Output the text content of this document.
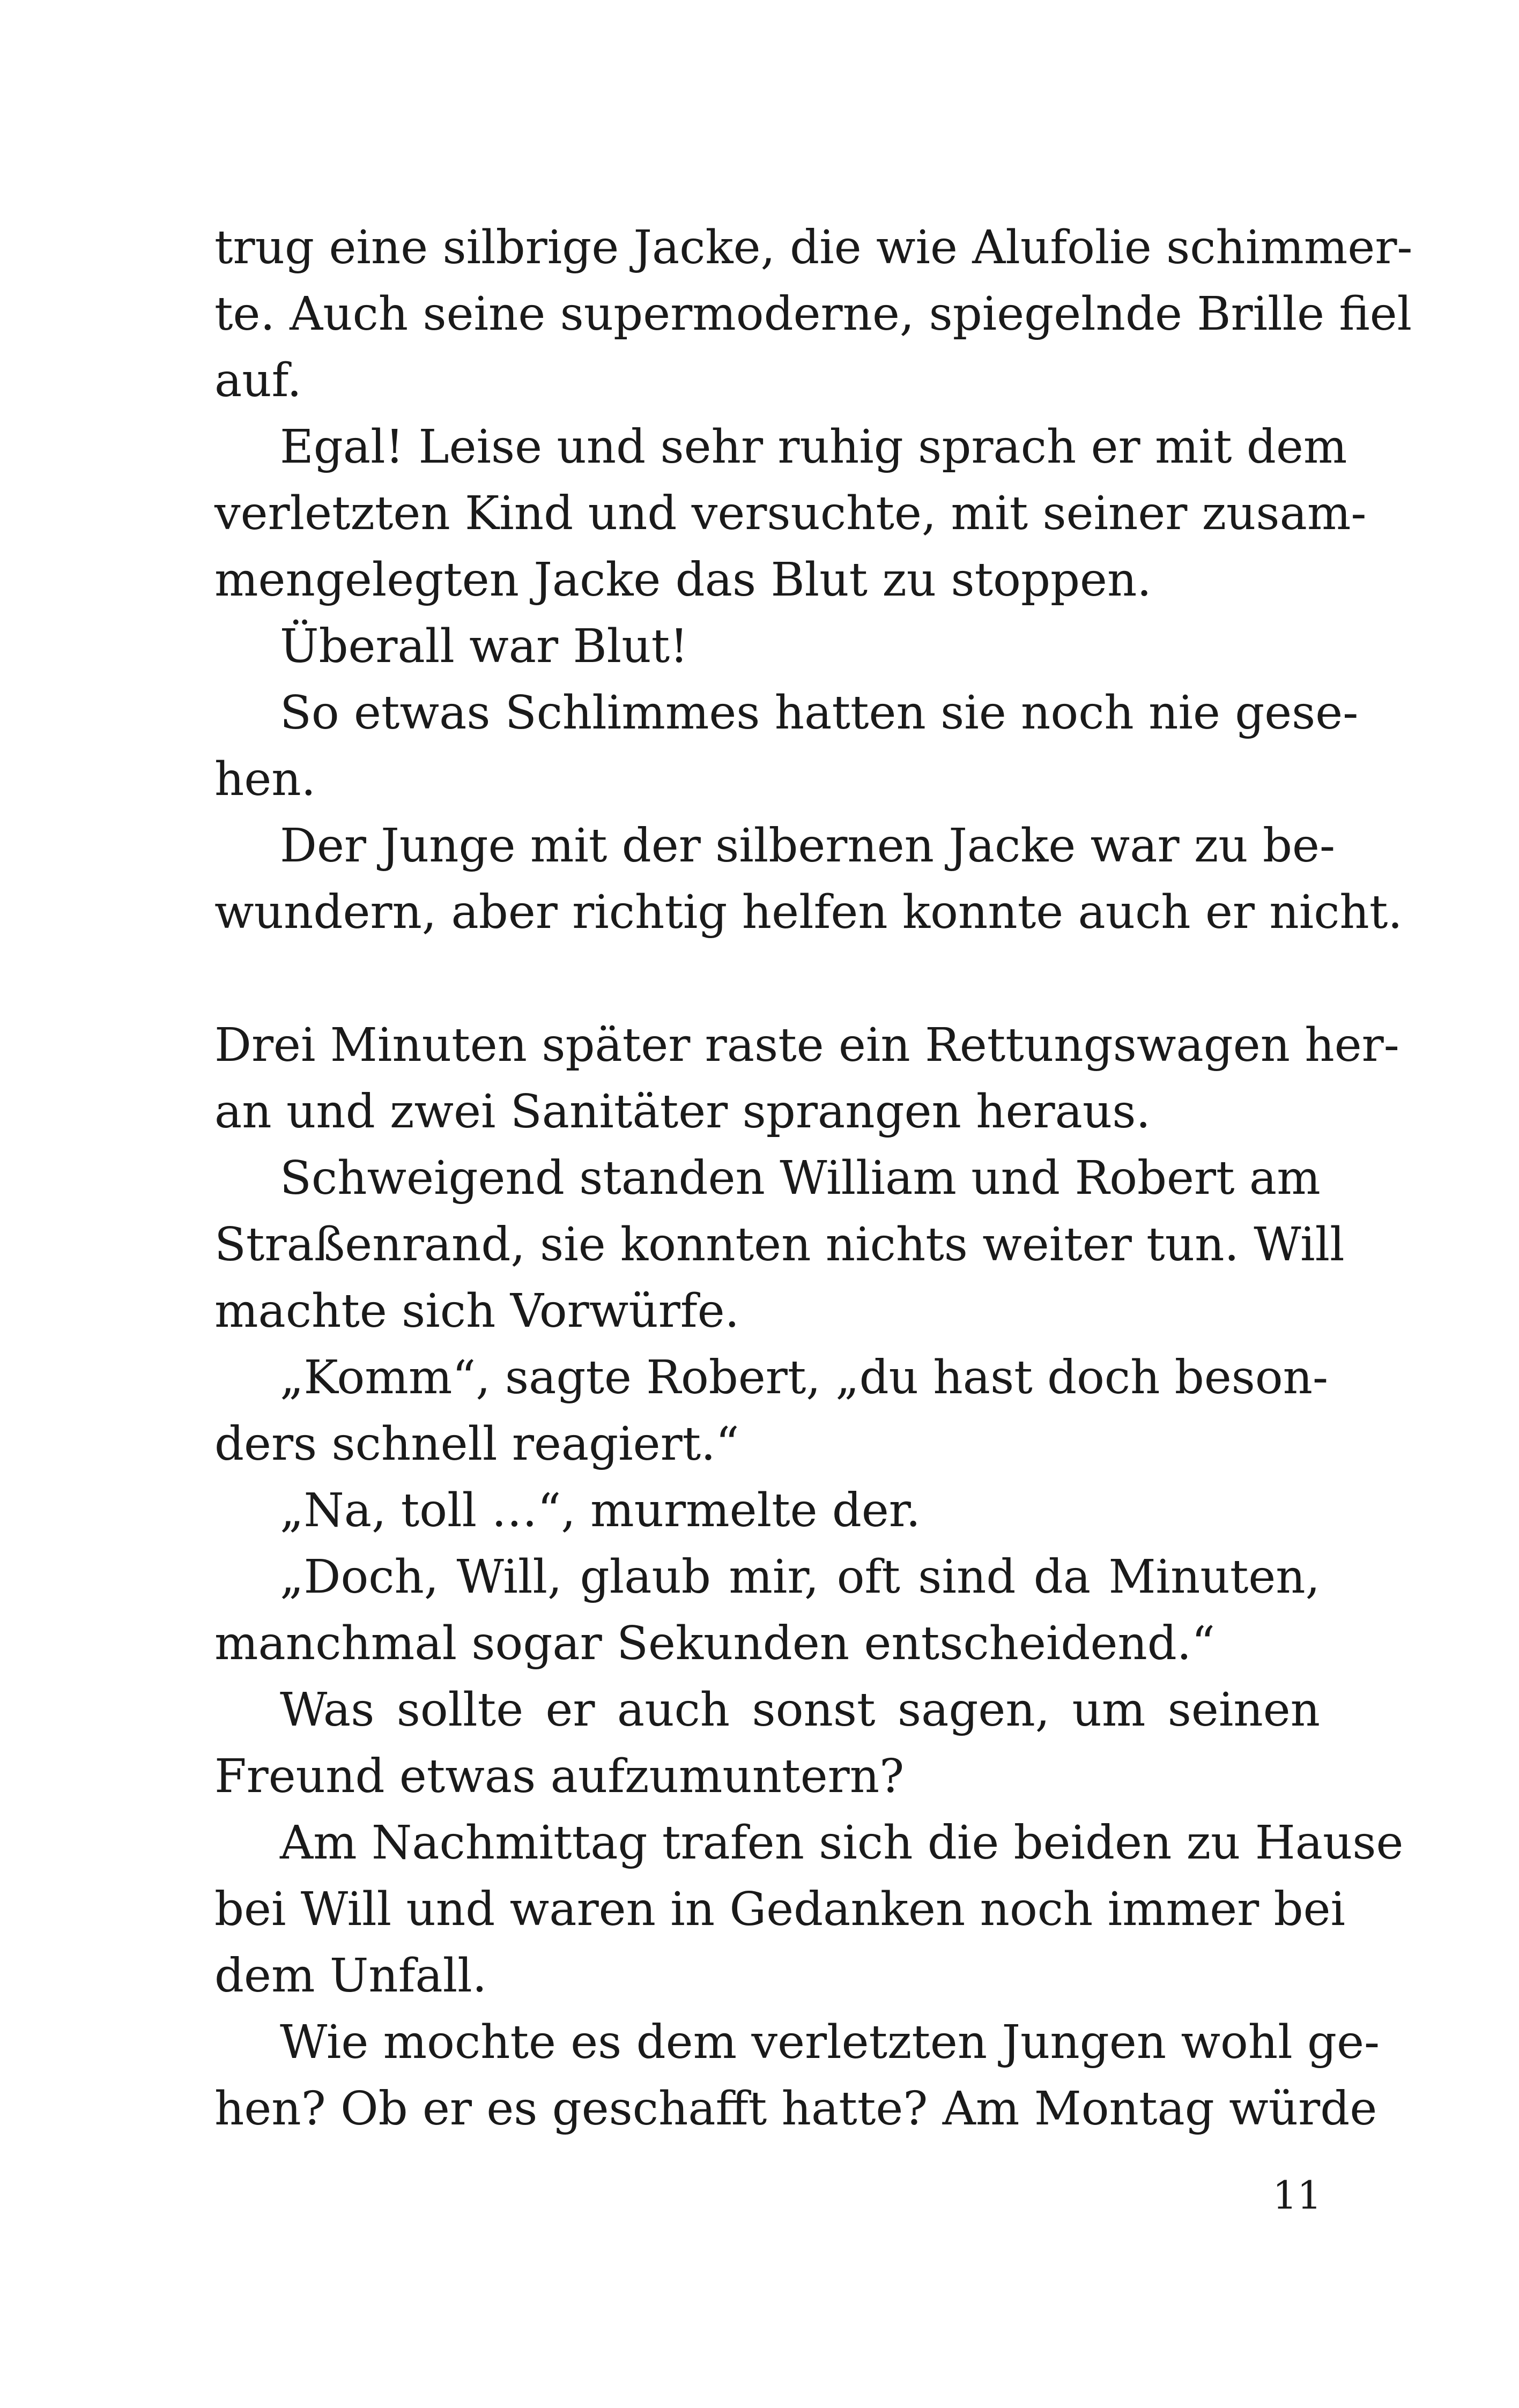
trug eine silbrige Jacke, die wie Alufolie schimmer-
te. Auch seine supermoderne, spiegelnde Brille fiel
auf.
Egal! Leise und sehr ruhig sprach er mit dem
verletzten Kind und versuchte, mit seiner zusam-
mengelegten Jacke das Blut zu stoppen.
Überall war Blut!
So etwas Schlimmes hatten sie noch nie gese-
hen.
Der Junge mit der silbernen Jacke war zu be-
wundern, aber richtig helfen konnte auch er nicht.
Drei Minuten später raste ein Rettungswagen her-
an und zwei Sanitäter sprangen heraus.
Schweigend standen William und Robert am
Straßenrand, sie konnten nichts weiter tun. Will
machte sich Vorwürfe.
„Komm“, sagte Robert, „du hast doch beson-
ders schnell reagiert.“
„Na, toll …“, murmelte der.
„Doch, Will, glaub mir, oft sind da Minuten,
manchmal sogar Sekunden entscheidend.“
Was sollte er auch sonst sagen, um seinen
Freund etwas aufzumuntern?
Am Nachmittag trafen sich die beiden zu Hause
bei Will und waren in Gedanken noch immer bei
dem Unfall.
Wie mochte es dem verletzten Jungen wohl ge-
hen? Ob er es geschafft hatte? Am Montag würde
11
